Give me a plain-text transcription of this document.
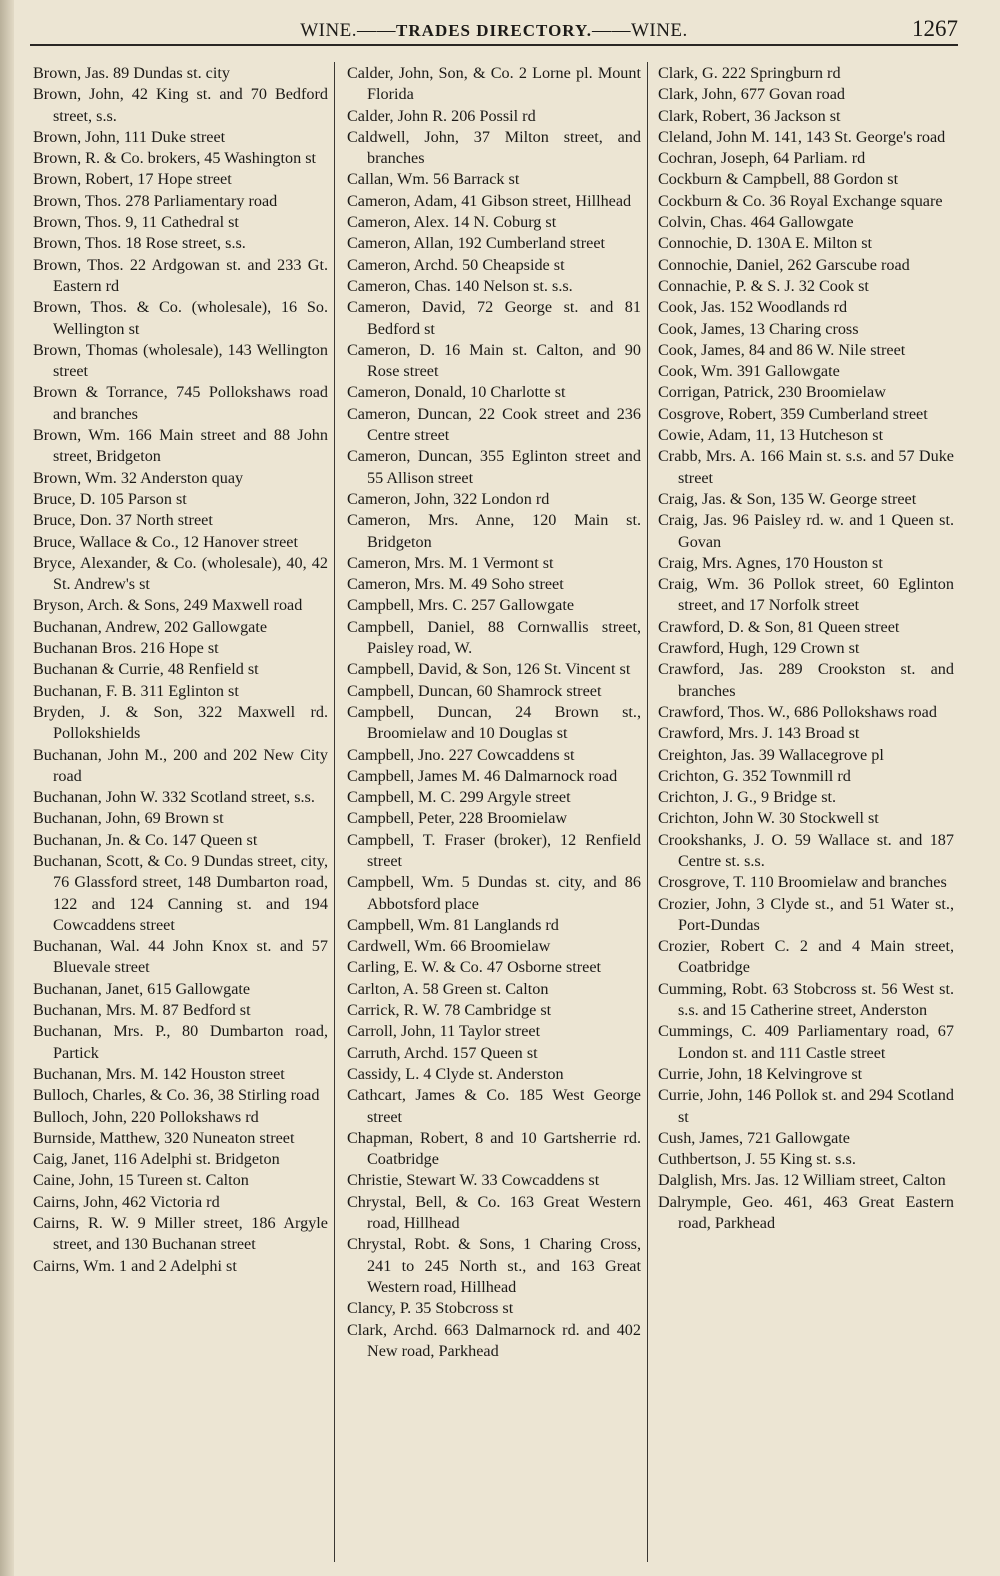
WINE.——TRADES DIRECTORY.——WINE.	1267
Brown, Jas. 89 Dundas st. city
Brown, John, 42 King st. and 70 Bedford street, s.s.
Brown, John, 111 Duke street
Brown, R. & Co. brokers, 45 Washington st
Brown, Robert, 17 Hope street
Brown, Thos. 278 Parliamentary road
Brown, Thos. 9, 11 Cathedral st
Brown, Thos. 18 Rose street, s.s.
Brown, Thos. 22 Ardgowan st. and 233 Gt. Eastern rd
Brown, Thos. & Co. (wholesale), 16 So. Wellington st
Brown, Thomas (wholesale), 143 Wellington street
Brown & Torrance, 745 Pollokshaws road and branches
Brown, Wm. 166 Main street and 88 John street, Bridgeton
Brown, Wm. 32 Anderston quay
Bruce, D. 105 Parson st
Bruce, Don. 37 North street
Bruce, Wallace & Co., 12 Hanover street
Bryce, Alexander, & Co. (wholesale), 40, 42 St. Andrew's st
Bryson, Arch. & Sons, 249 Maxwell road
Buchanan, Andrew, 202 Gallowgate
Buchanan Bros. 216 Hope st
Buchanan & Currie, 48 Renfield st
Buchanan, F. B. 311 Eglinton st
Bryden, J. & Son, 322 Maxwell rd. Pollokshields
Buchanan, John M., 200 and 202 New City road
Buchanan, John W. 332 Scotland street, s.s.
Buchanan, John, 69 Brown st
Buchanan, Jn. & Co. 147 Queen st
Buchanan, Scott, & Co. 9 Dundas street, city, 76 Glassford street, 148 Dumbarton road, 122 and 124 Canning st. and 194 Cowcaddens street
Buchanan, Wal. 44 John Knox st. and 57 Bluevale street
Buchanan, Janet, 615 Gallowgate
Buchanan, Mrs. M. 87 Bedford st
Buchanan, Mrs. P., 80 Dumbarton road, Partick
Buchanan, Mrs. M. 142 Houston street
Bulloch, Charles, & Co. 36, 38 Stirling road
Bulloch, John, 220 Pollokshaws rd
Burnside, Matthew, 320 Nuneaton street
Caig, Janet, 116 Adelphi st. Bridgeton
Caine, John, 15 Tureen st. Calton
Cairns, John, 462 Victoria rd
Cairns, R. W. 9 Miller street, 186 Argyle street, and 130 Buchanan street
Cairns, Wm. 1 and 2 Adelphi st
Calder, John, Son, & Co. 2 Lorne pl. Mount Florida
Calder, John R. 206 Possil rd
Caldwell, John, 37 Milton street, and branches
Callan, Wm. 56 Barrack st
Cameron, Adam, 41 Gibson street, Hillhead
Cameron, Alex. 14 N. Coburg st
Cameron, Allan, 192 Cumberland street
Cameron, Archd. 50 Cheapside st
Cameron, Chas. 140 Nelson st. s.s.
Cameron, David, 72 George st. and 81 Bedford st
Cameron, D. 16 Main st. Calton, and 90 Rose street
Cameron, Donald, 10 Charlotte st
Cameron, Duncan, 22 Cook street and 236 Centre street
Cameron, Duncan, 355 Eglinton street and 55 Allison street
Cameron, John, 322 London rd
Cameron, Mrs. Anne, 120 Main st. Bridgeton
Cameron, Mrs. M. 1 Vermont st
Cameron, Mrs. M. 49 Soho street
Campbell, Mrs. C. 257 Gallowgate
Campbell, Daniel, 88 Cornwallis street, Paisley road, W.
Campbell, David, & Son, 126 St. Vincent st
Campbell, Duncan, 60 Shamrock street
Campbell, Duncan, 24 Brown st., Broomielaw and 10 Douglas st
Campbell, Jno. 227 Cowcaddens st
Campbell, James M. 46 Dalmarnock road
Campbell, M. C. 299 Argyle street
Campbell, Peter, 228 Broomielaw
Campbell, T. Fraser (broker), 12 Renfield street
Campbell, Wm. 5 Dundas st. city, and 86 Abbotsford place
Campbell, Wm. 81 Langlands rd
Cardwell, Wm. 66 Broomielaw
Carling, E. W. & Co. 47 Osborne street
Carlton, A. 58 Green st. Calton
Carrick, R. W. 78 Cambridge st
Carroll, John, 11 Taylor street
Carruth, Archd. 157 Queen st
Cassidy, L. 4 Clyde st. Anderston
Cathcart, James & Co. 185 West George street
Chapman, Robert, 8 and 10 Gartsherrie rd. Coatbridge
Christie, Stewart W. 33 Cowcaddens st
Chrystal, Bell, & Co. 163 Great Western road, Hillhead
Chrystal, Robt. & Sons, 1 Charing Cross, 241 to 245 North st., and 163 Great Western road, Hillhead
Clancy, P. 35 Stobcross st
Clark, Archd. 663 Dalmarnock rd. and 402 New road, Parkhead
Clark, G. 222 Springburn rd
Clark, John, 677 Govan road
Clark, Robert, 36 Jackson st
Cleland, John M. 141, 143 St. George's road
Cochran, Joseph, 64 Parliam. rd
Cockburn & Campbell, 88 Gordon st
Cockburn & Co. 36 Royal Exchange square
Colvin, Chas. 464 Gallowgate
Connochie, D. 130A E. Milton st
Connochie, Daniel, 262 Garscube road
Connachie, P. & S. J. 32 Cook st
Cook, Jas. 152 Woodlands rd
Cook, James, 13 Charing cross
Cook, James, 84 and 86 W. Nile street
Cook, Wm. 391 Gallowgate
Corrigan, Patrick, 230 Broomielaw
Cosgrove, Robert, 359 Cumberland street
Cowie, Adam, 11, 13 Hutcheson st
Crabb, Mrs. A. 166 Main st. s.s. and 57 Duke street
Craig, Jas. & Son, 135 W. George street
Craig, Jas. 96 Paisley rd. w. and 1 Queen st. Govan
Craig, Mrs. Agnes, 170 Houston st
Craig, Wm. 36 Pollok street, 60 Eglinton street, and 17 Norfolk street
Crawford, D. & Son, 81 Queen street
Crawford, Hugh, 129 Crown st
Crawford, Jas. 289 Crookston st. and branches
Crawford, Thos. W., 686 Pollokshaws road
Crawford, Mrs. J. 143 Broad st
Creighton, Jas. 39 Wallacegrove pl
Crichton, G. 352 Townmill rd
Crichton, J. G., 9 Bridge st.
Crichton, John W. 30 Stockwell st
Crookshanks, J. O. 59 Wallace st. and 187 Centre st. s.s.
Crosgrove, T. 110 Broomielaw and branches
Crozier, John, 3 Clyde st., and 51 Water st., Port-Dundas
Crozier, Robert C. 2 and 4 Main street, Coatbridge
Cumming, Robt. 63 Stobcross st. 56 West st. s.s. and 15 Catherine street, Anderston
Cummings, C. 409 Parliamentary road, 67 London st. and 111 Castle street
Currie, John, 18 Kelvingrove st
Currie, John, 146 Pollok st. and 294 Scotland st
Cush, James, 721 Gallowgate
Cuthbertson, J. 55 King st. s.s.
Dalglish, Mrs. Jas. 12 William street, Calton
Dalrymple, Geo. 461, 463 Great Eastern road, Parkhead
